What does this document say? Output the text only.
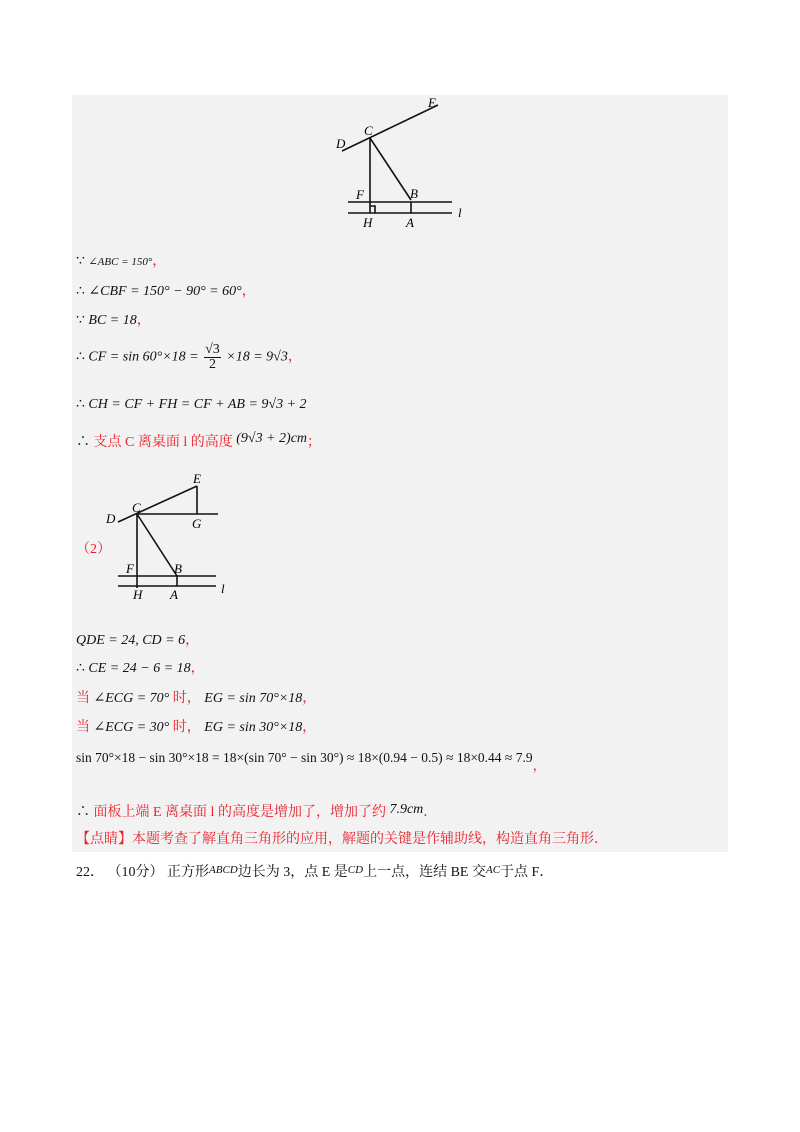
E
D
C
F	B
H	A
l
∵ ∠ABC = 150°，
∴ ∠CBF = 150° − 90° = 60°，
∵ BC = 18，
∴ CF = $\sin 60^\circ\times 18 = \frac{√3}{2} \times 18 = 9√3$，
∴ CH = CF + FH = CF + AB = 9√3 + 2
∴ 支点 C 离桌面 l 的高度 (9√3 + 2)cm；
E
D
C
G
F	B
H A	l
（2）
QDE = 24, CD = 6，
∴ CE = 24 − 6 = 18，
当 ∠ECG = 70° 时， EG = sin 70°×18，
当 ∠ECG = 30° 时， EG = sin 30°×18，
sin 70°×18 − sin 30°×18 = 18×(sin 70° − sin 30°) ≈ 18×(0.94 − 0.5) ≈ 18×0.44 ≈ 7.9，
∴ 面板上端 E 离桌面 l 的高度是增加了，增加了约 7.9cm．
【点睛】本题考查了解直角三角形的应用，解题的关键是作辅助线，构造直角三角形．
22． （10分） 正方形$^{ABCD}$边长为 3，点 E 是$^{CD}$上一点，连结 BE 交$^{AC}$于点 F．
